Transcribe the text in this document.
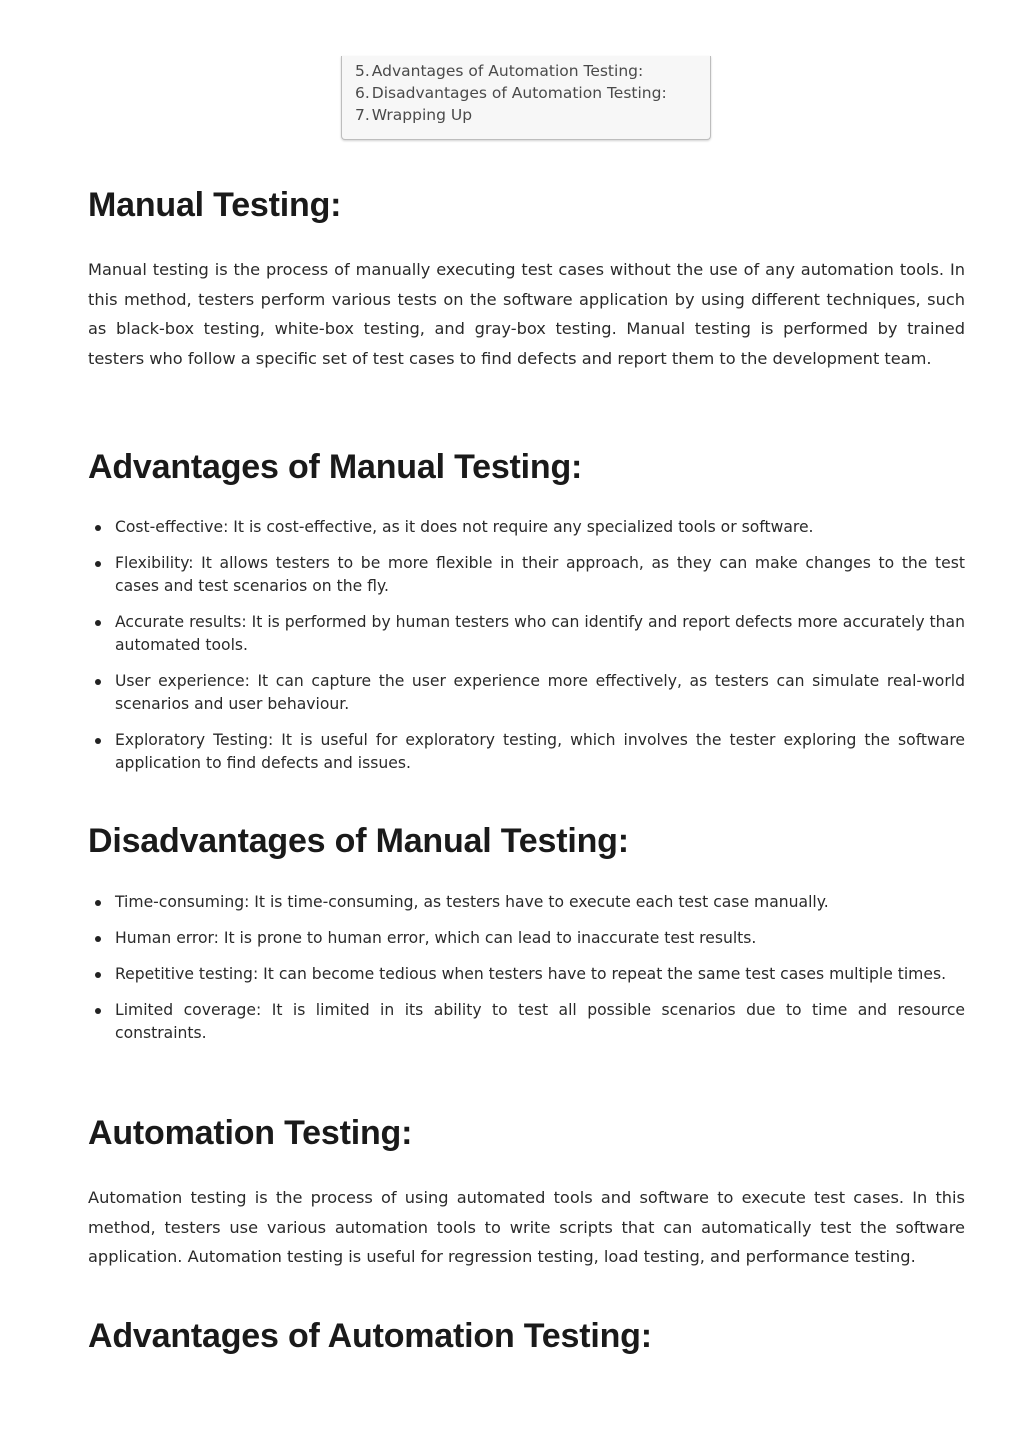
5. Advantages of Automation Testing:
6. Disadvantages of Automation Testing:
7. Wrapping Up
Manual Testing:

Manual testing is the process of manually executing test cases without the use of any automation tools. In this method, testers perform various tests on the software application by using different techniques, such as black-box testing, white-box testing, and gray-box testing. Manual testing is performed by trained testers who follow a specific set of test cases to find defects and report them to the development team.

Advantages of Manual Testing:
Cost-effective: It is cost-effective, as it does not require any specialized tools or software.
Flexibility: It allows testers to be more flexible in their approach, as they can make changes to the test cases and test scenarios on the fly.
Accurate results: It is performed by human testers who can identify and report defects more accurately than automated tools.
User experience: It can capture the user experience more effectively, as testers can simulate real-world scenarios and user behaviour.
Exploratory Testing: It is useful for exploratory testing, which involves the tester exploring the software application to find defects and issues.
Disadvantages of Manual Testing:
Time-consuming: It is time-consuming, as testers have to execute each test case manually.
Human error: It is prone to human error, which can lead to inaccurate test results.
Repetitive testing: It can become tedious when testers have to repeat the same test cases multiple times.
Limited coverage: It is limited in its ability to test all possible scenarios due to time and resource constraints.
Automation Testing:

Automation testing is the process of using automated tools and software to execute test cases. In this method, testers use various automation tools to write scripts that can automatically test the software application. Automation testing is useful for regression testing, load testing, and performance testing.

Advantages of Automation Testing:
